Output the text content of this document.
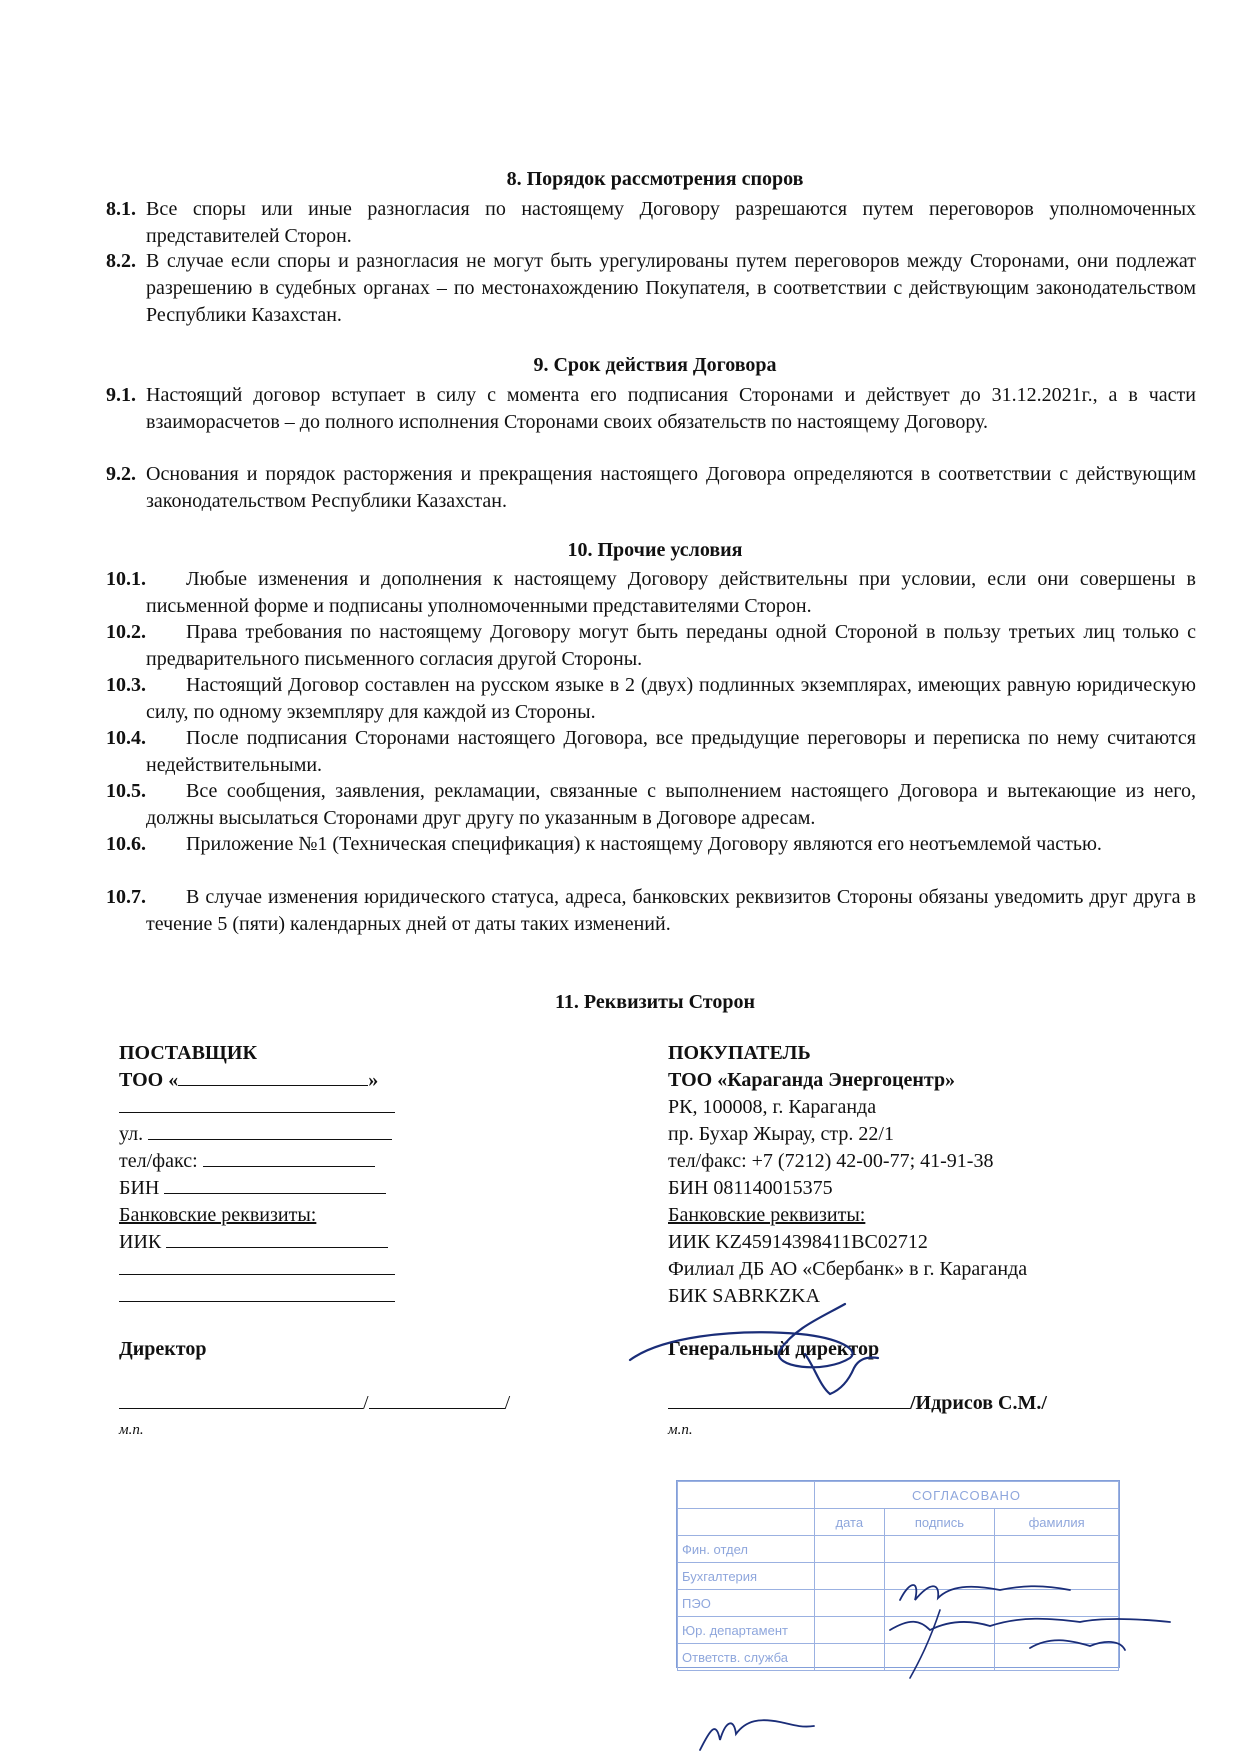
8. Порядок рассмотрения споров
8.1. Все споры или иные разногласия по настоящему Договору разрешаются путем переговоров уполномоченных представителей Сторон.
8.2. В случае если споры и разногласия не могут быть урегулированы путем переговоров между Сторонами, они подлежат разрешению в судебных органах – по местонахождению Покупателя, в соответствии с действующим законодательством Республики Казахстан.
9. Срок действия Договора
9.1. Настоящий договор вступает в силу с момента его подписания Сторонами и действует до 31.12.2021г., а в части взаиморасчетов – до полного исполнения Сторонами своих обязательств по настоящему Договору.
9.2. Основания и порядок расторжения и прекращения настоящего Договора определяются в соответствии с действующим законодательством Республики Казахстан.
10. Прочие условия
10.1.	Любые изменения и дополнения к настоящему Договору действительны при условии, если они совершены в письменной форме и подписаны уполномоченными представителями Сторон.
10.2.	Права требования по настоящему Договору могут быть переданы одной Стороной в пользу третьих лиц только с предварительного письменного согласия другой Стороны.
10.3.	Настоящий Договор составлен на русском языке в 2 (двух) подлинных экземплярах, имеющих равную юридическую силу, по одному экземпляру для каждой из Стороны.
10.4.	После подписания Сторонами настоящего Договора, все предыдущие переговоры и переписка по нему считаются недействительными.
10.5.	Все сообщения, заявления, рекламации, связанные с выполнением настоящего Договора и вытекающие из него, должны высылаться Сторонами друг другу по указанным в Договоре адресам.
10.6.	Приложение №1 (Техническая спецификация) к настоящему Договору являются его неотъемлемой частью.
10.7.	В случае изменения юридического статуса, адреса, банковских реквизитов Стороны обязаны уведомить друг друга в течение 5 (пяти) календарных дней от даты таких изменений.
11. Реквизиты Сторон
ПОСТАВЩИК
ТОО «	»
ул.
тел/факс:
БИН
Банковские реквизиты:
ИИК
Директор
/	/
м.п.
ПОКУПАТЕЛЬ
ТОО «Караганда Энергоцентр»
РК, 100008, г. Караганда
пр. Бухар Жырау, стр. 22/1
тел/факс: +7 (7212) 42-00-77; 41-91-38
БИН 081140015375
Банковские реквизиты:
ИИК KZ45914398411BC02712
Филиал ДБ АО «Сбербанк» в г. Караганда
БИК SABRKZKA
Генеральный директор
/Идрисов С.М./
м.п.
	СОГЛАСОВАНО		
	дата	подпись	фамилия
Фин. отдел			
Бухгалтерия			
ПЭО			
Юр. департамент			
Ответств. служба			
